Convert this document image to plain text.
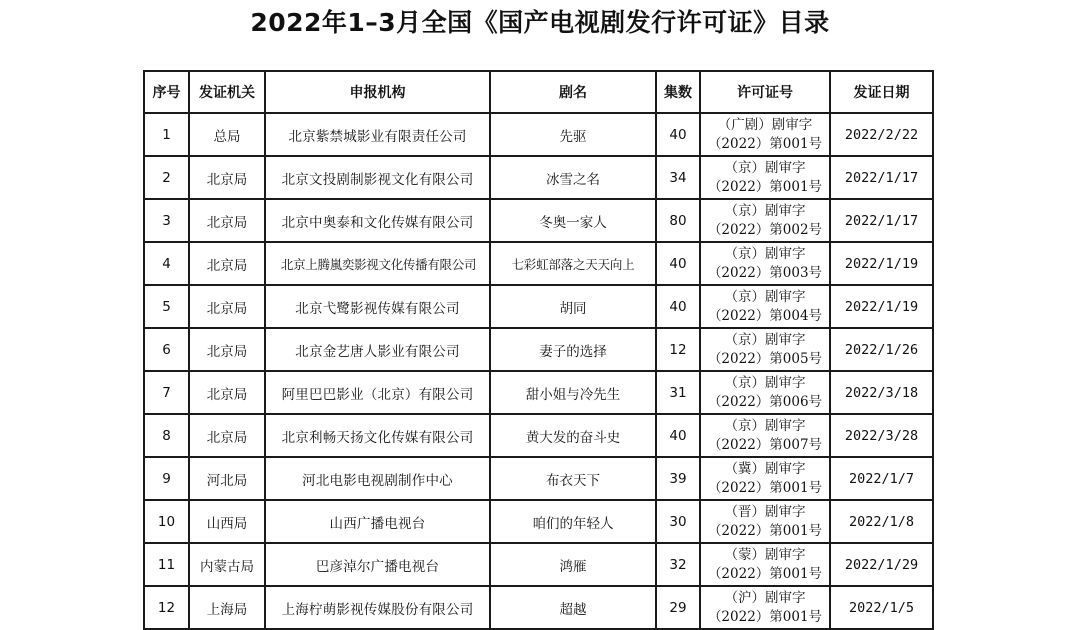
2022年1–3月全国《国产电视剧发行许可证》目录
序号	发证机关	申报机构	剧名	集数	许可证号	发证日期
1	总局	北京紫禁城影业有限责任公司	先驱	40	（广剧）剧审字
（2022）第001号	2022/2/22
2	北京局	北京文投剧制影视文化有限公司	冰雪之名	34	（京）剧审字
（2022）第001号	2022/1/17
3	北京局	北京中奥泰和文化传媒有限公司	冬奥一家人	80	（京）剧审字
（2022）第002号	2022/1/17
4	北京局	北京上腾嵐奕影视文化传播有限公司	七彩虹部落之天天向上	40	（京）剧审字
（2022）第003号	2022/1/19
5	北京局	北京弋鹭影视传媒有限公司	胡同	40	（京）剧审字
（2022）第004号	2022/1/19
6	北京局	北京金艺唐人影业有限公司	妻子的选择	12	（京）剧审字
（2022）第005号	2022/1/26
7	北京局	阿里巴巴影业（北京）有限公司	甜小姐与冷先生	31	（京）剧审字
（2022）第006号	2022/3/18
8	北京局	北京利畅天扬文化传媒有限公司	黄大发的奋斗史	40	（京）剧审字
（2022）第007号	2022/3/28
9	河北局	河北电影电视剧制作中心	布衣天下	39	（冀）剧审字
（2022）第001号	2022/1/7
10	山西局	山西广播电视台	咱们的年轻人	30	（晋）剧审字
（2022）第001号	2022/1/8
11	内蒙古局	巴彦淖尔广播电视台	鸿雁	32	（蒙）剧审字
（2022）第001号	2022/1/29
12	上海局	上海柠萌影视传媒股份有限公司	超越	29	（沪）剧审字
（2022）第001号	2022/1/5
